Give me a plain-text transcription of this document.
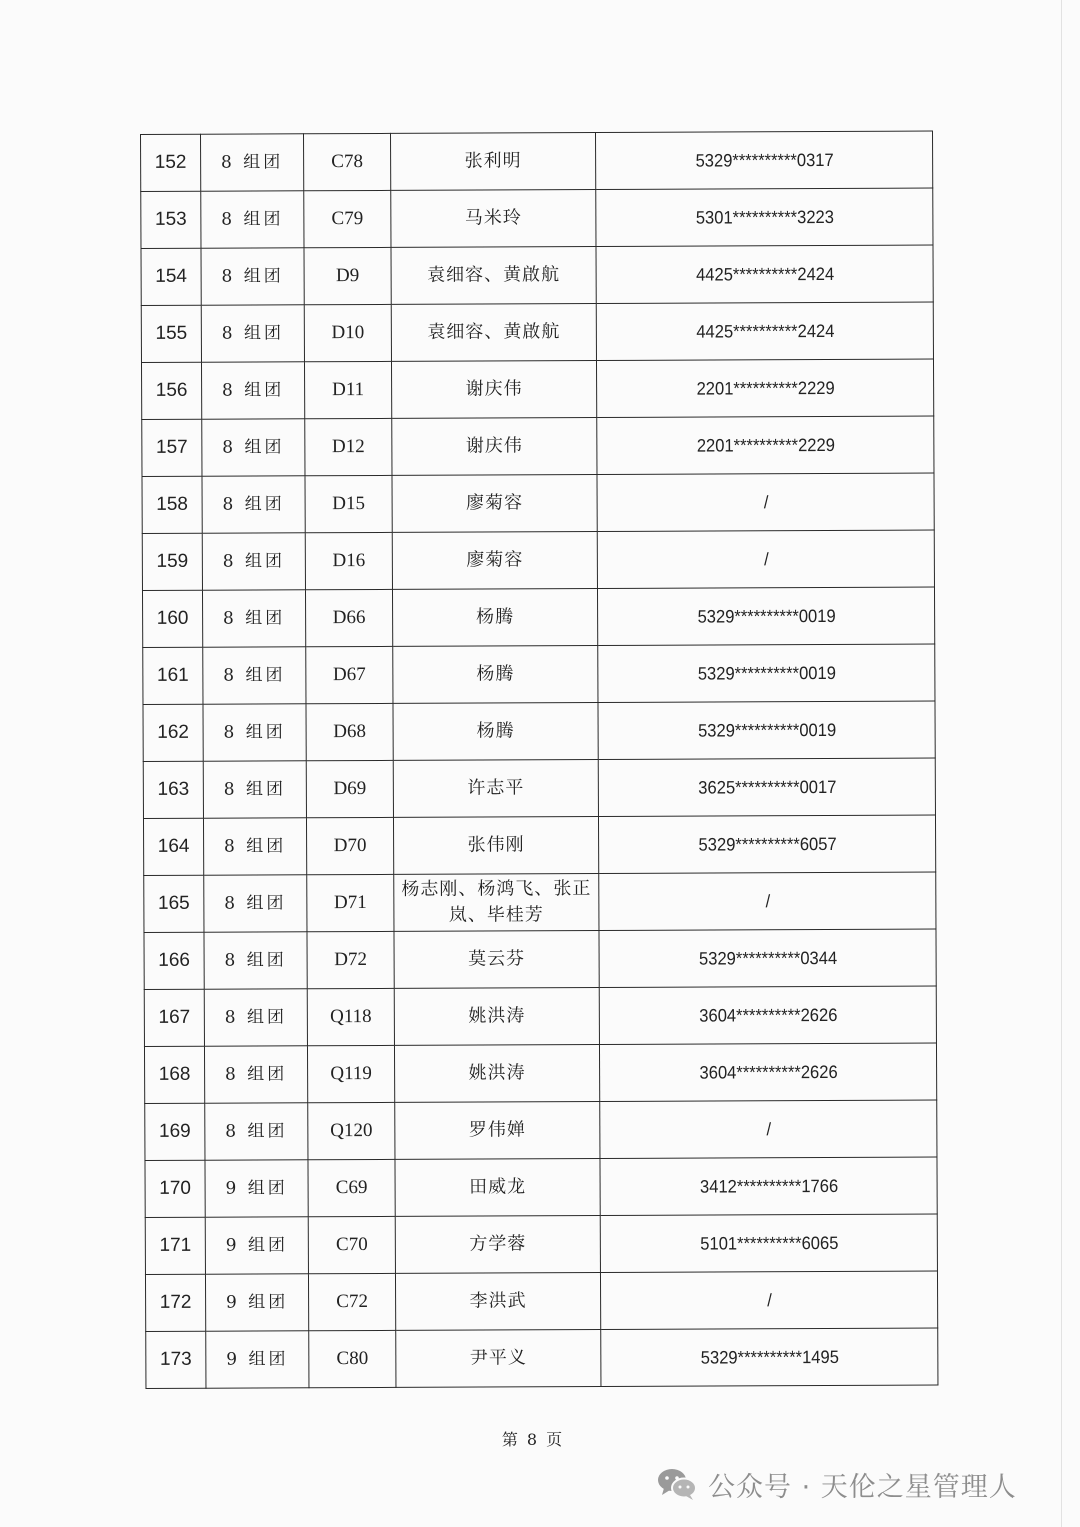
152	8 组团	C78	张利明	5329**********0317
153	8 组团	C79	马米玲	5301**********3223
154	8 组团	D9	袁细容、黄啟航	4425**********2424
155	8 组团	D10	袁细容、黄啟航	4425**********2424
156	8 组团	D11	谢庆伟	2201**********2229
157	8 组团	D12	谢庆伟	2201**********2229
158	8 组团	D15	廖菊容	/
159	8 组团	D16	廖菊容	/
160	8 组团	D66	杨腾	5329**********0019
161	8 组团	D67	杨腾	5329**********0019
162	8 组团	D68	杨腾	5329**********0019
163	8 组团	D69	许志平	3625**********0017
164	8 组团	D70	张伟刚	5329**********6057
165	8 组团	D71	杨志刚、杨鸿飞、张正岚、毕桂芳	/
166	8 组团	D72	莫云芬	5329**********0344
167	8 组团	Q118	姚洪涛	3604**********2626
168	8 组团	Q119	姚洪涛	3604**********2626
169	8 组团	Q120	罗伟婵	/
170	9 组团	C69	田威龙	3412**********1766
171	9 组团	C70	方学蓉	5101**********6065
172	9 组团	C72	李洪武	/
173	9 组团	C80	尹平义	5329**********1495
第 8 页
公众号 · 天伦之星管理人
